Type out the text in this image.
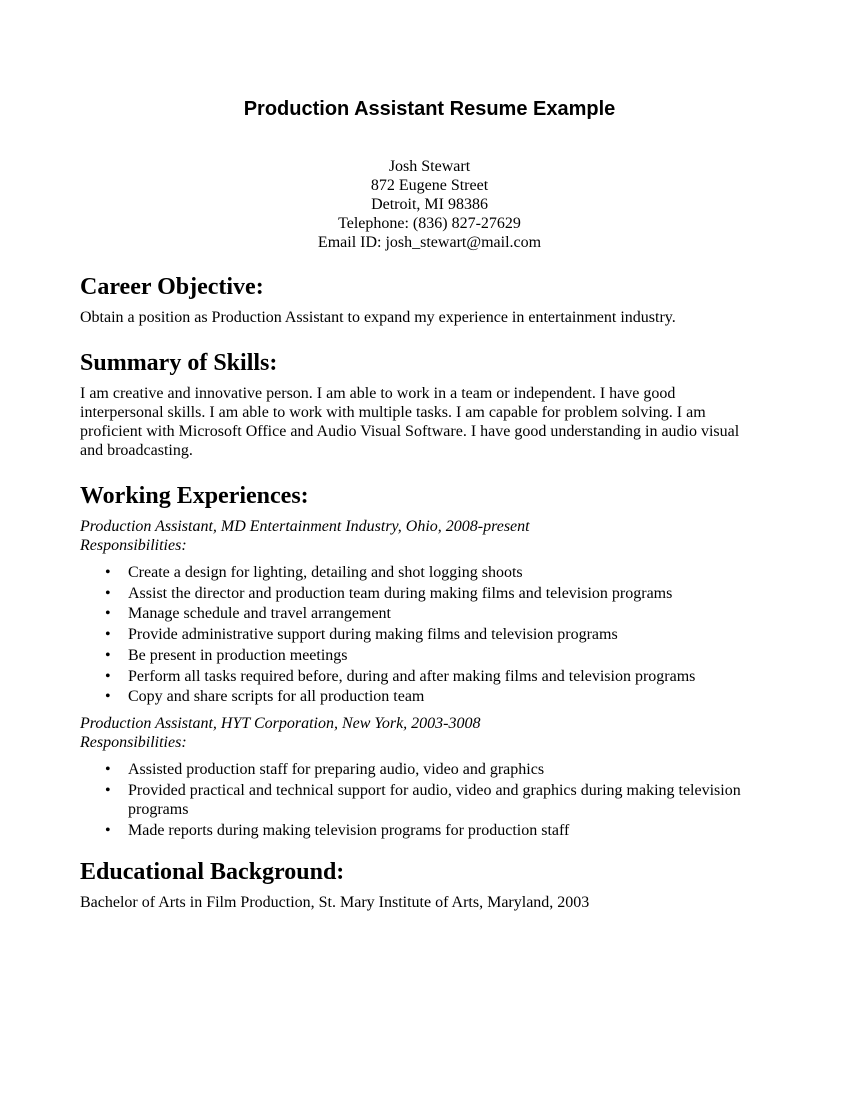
Production Assistant Resume Example
Josh Stewart
872 Eugene Street
Detroit, MI 98386
Telephone: (836) 827-27629
Email ID: josh_stewart@mail.com
Career Objective:
Obtain a position as Production Assistant to expand my experience in entertainment industry.
Summary of Skills:
I am creative and innovative person. I am able to work in a team or independent. I have good
interpersonal skills. I am able to work with multiple tasks. I am capable for problem solving. I am
proficient with Microsoft Office and Audio Visual Software. I have good understanding in audio visual
and broadcasting.
Working Experiences:
Production Assistant, MD Entertainment Industry, Ohio, 2008-present
Responsibilities:
• Create a design for lighting, detailing and shot logging shoots
• Assist the director and production team during making films and television programs
• Manage schedule and travel arrangement
• Provide administrative support during making films and television programs
• Be present in production meetings
• Perform all tasks required before, during and after making films and television programs
• Copy and share scripts for all production team
Production Assistant, HYT Corporation, New York, 2003-3008
Responsibilities:
• Assisted production staff for preparing audio, video and graphics
• Provided practical and technical support for audio, video and graphics during making television programs
• Made reports during making television programs for production staff
Educational Background:
Bachelor of Arts in Film Production, St. Mary Institute of Arts, Maryland, 2003
